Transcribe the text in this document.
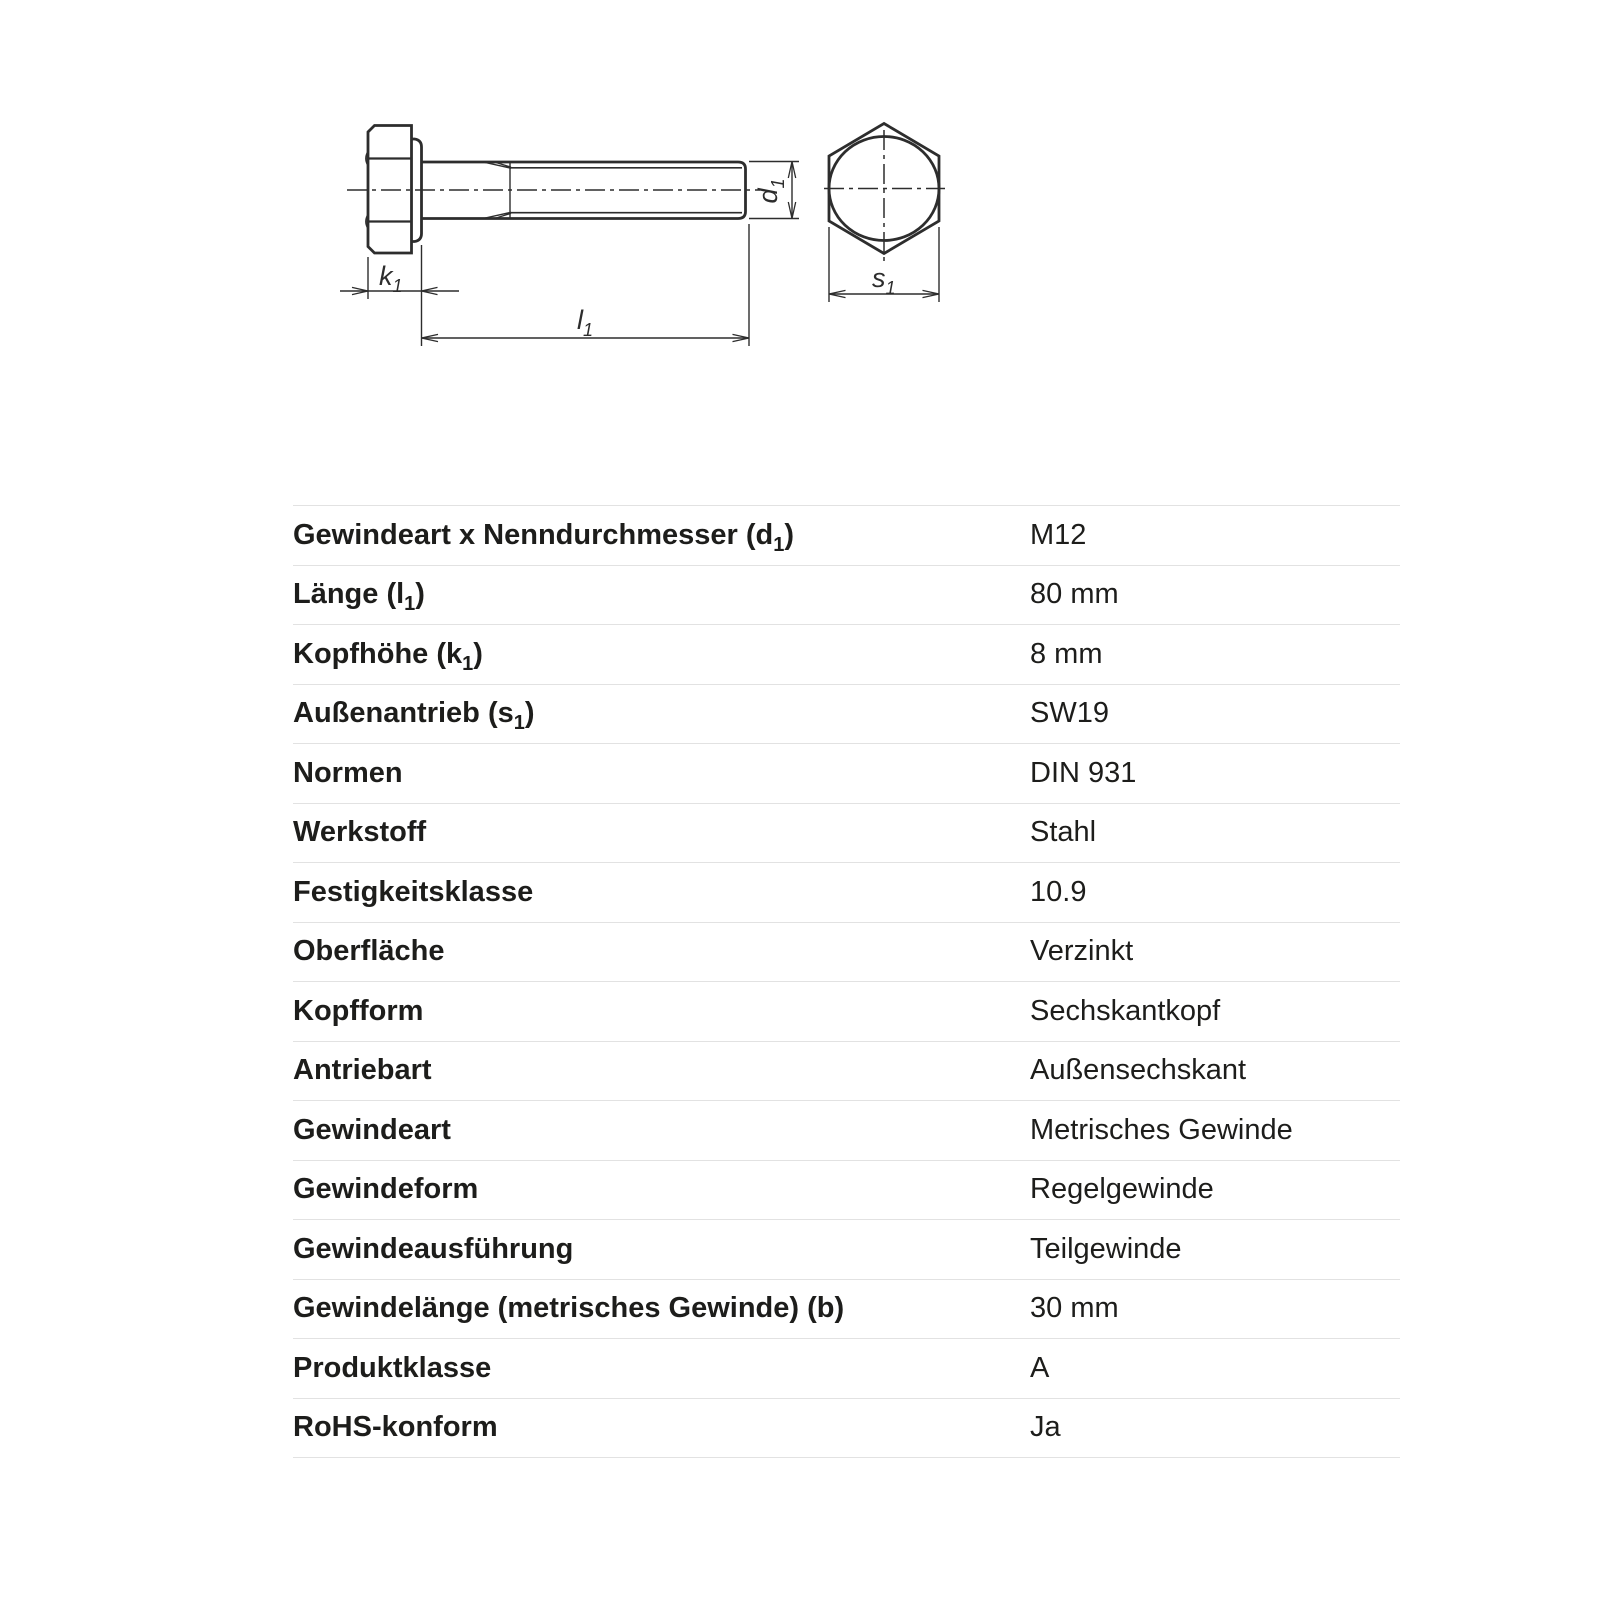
$k_1$
$l_1$
$d_1$
$s_1$
Gewindeart x Nenndurchmesser $(d_1)$	M12
Länge $(l_1)$	80 mm
Kopfhöhe $(k_1)$	8 mm
Außenantrieb $(s_1)$	SW19
Normen	DIN 931
Werkstoff	Stahl
Festigkeitsklasse	10.9
Oberfläche	Verzinkt
Kopfform	Sechskantkopf
Antriebart	Außensechskant
Gewindeart	Metrisches Gewinde
Gewindeform	Regelgewinde
Gewindeausführung	Teilgewinde
Gewindelänge (metrisches Gewinde) (b)	30 mm
Produktklasse	A
RoHS-konform	Ja
